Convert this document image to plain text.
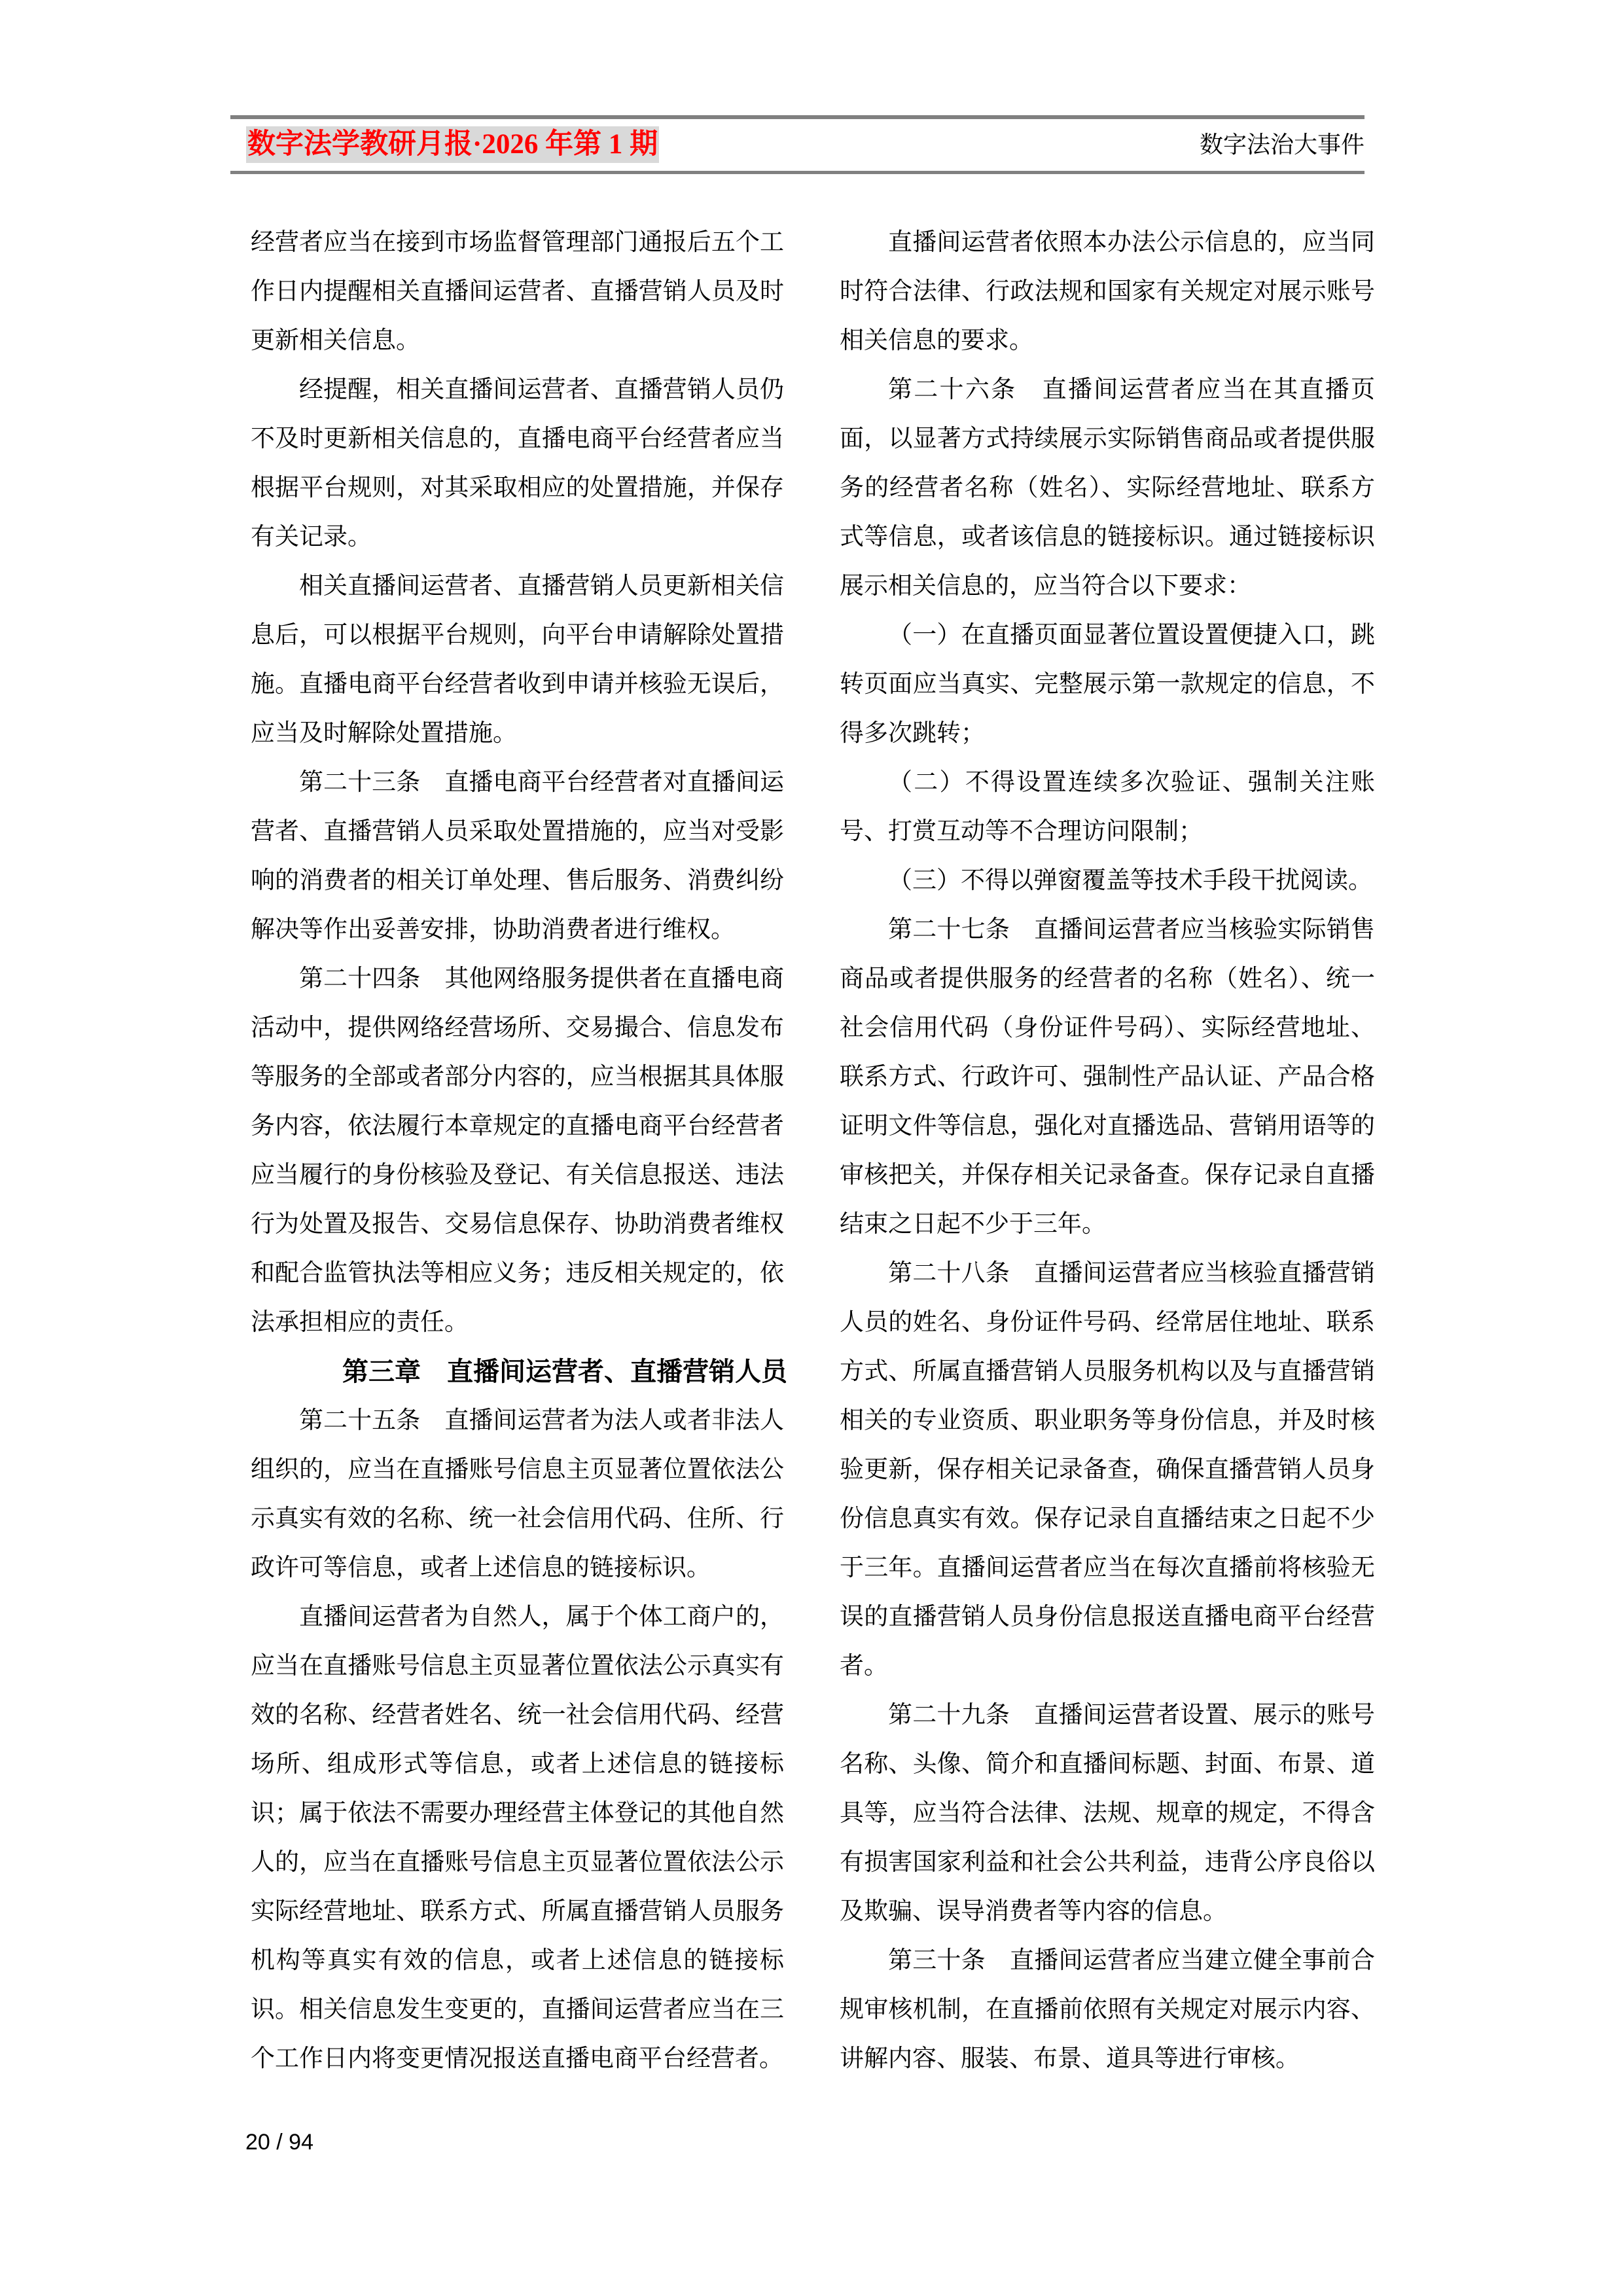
数字法学教研月报·2026 年第 1 期	数字法治大事件

经营者应当在接到市场监督管理部门通报后五个工作日内提醒相关直播间运营者、直播营销人员及时更新相关信息。

经提醒，相关直播间运营者、直播营销人员仍不及时更新相关信息的，直播电商平台经营者应当根据平台规则，对其采取相应的处置措施，并保存有关记录。

相关直播间运营者、直播营销人员更新相关信息后，可以根据平台规则，向平台申请解除处置措施。直播电商平台经营者收到申请并核验无误后，应当及时解除处置措施。

第二十三条　直播电商平台经营者对直播间运营者、直播营销人员采取处置措施的，应当对受影响的消费者的相关订单处理、售后服务、消费纠纷解决等作出妥善安排，协助消费者进行维权。

第二十四条　其他网络服务提供者在直播电商活动中，提供网络经营场所、交易撮合、信息发布等服务的全部或者部分内容的，应当根据其具体服务内容，依法履行本章规定的直播电商平台经营者应当履行的身份核验及登记、有关信息报送、违法行为处置及报告、交易信息保存、协助消费者维权和配合监管执法等相应义务；违反相关规定的，依法承担相应的责任。

第三章　直播间运营者、直播营销人员

第二十五条　直播间运营者为法人或者非法人组织的，应当在直播账号信息主页显著位置依法公示真实有效的名称、统一社会信用代码、住所、行政许可等信息，或者上述信息的链接标识。

直播间运营者为自然人，属于个体工商户的，应当在直播账号信息主页显著位置依法公示真实有效的名称、经营者姓名、统一社会信用代码、经营场所、组成形式等信息，或者上述信息的链接标识；属于依法不需要办理经营主体登记的其他自然人的，应当在直播账号信息主页显著位置依法公示实际经营地址、联系方式、所属直播营销人员服务机构等真实有效的信息，或者上述信息的链接标识。相关信息发生变更的，直播间运营者应当在三个工作日内将变更情况报送直播电商平台经营者。

直播间运营者依照本办法公示信息的，应当同时符合法律、行政法规和国家有关规定对展示账号相关信息的要求。

第二十六条　直播间运营者应当在其直播页面，以显著方式持续展示实际销售商品或者提供服务的经营者名称（姓名）、实际经营地址、联系方式等信息，或者该信息的链接标识。通过链接标识展示相关信息的，应当符合以下要求：

（一）在直播页面显著位置设置便捷入口，跳转页面应当真实、完整展示第一款规定的信息，不得多次跳转；

（二）不得设置连续多次验证、强制关注账号、打赏互动等不合理访问限制；

（三）不得以弹窗覆盖等技术手段干扰阅读。

第二十七条　直播间运营者应当核验实际销售商品或者提供服务的经营者的名称（姓名）、统一社会信用代码（身份证件号码）、实际经营地址、联系方式、行政许可、强制性产品认证、产品合格证明文件等信息，强化对直播选品、营销用语等的审核把关，并保存相关记录备查。保存记录自直播结束之日起不少于三年。

第二十八条　直播间运营者应当核验直播营销人员的姓名、身份证件号码、经常居住地址、联系方式、所属直播营销人员服务机构以及与直播营销相关的专业资质、职业职务等身份信息，并及时核验更新，保存相关记录备查，确保直播营销人员身份信息真实有效。保存记录自直播结束之日起不少于三年。直播间运营者应当在每次直播前将核验无误的直播营销人员身份信息报送直播电商平台经营者。

第二十九条　直播间运营者设置、展示的账号名称、头像、简介和直播间标题、封面、布景、道具等，应当符合法律、法规、规章的规定，不得含有损害国家利益和社会公共利益，违背公序良俗以及欺骗、误导消费者等内容的信息。

第三十条　直播间运营者应当建立健全事前合规审核机制，在直播前依照有关规定对展示内容、讲解内容、服装、布景、道具等进行审核。

20 / 94
